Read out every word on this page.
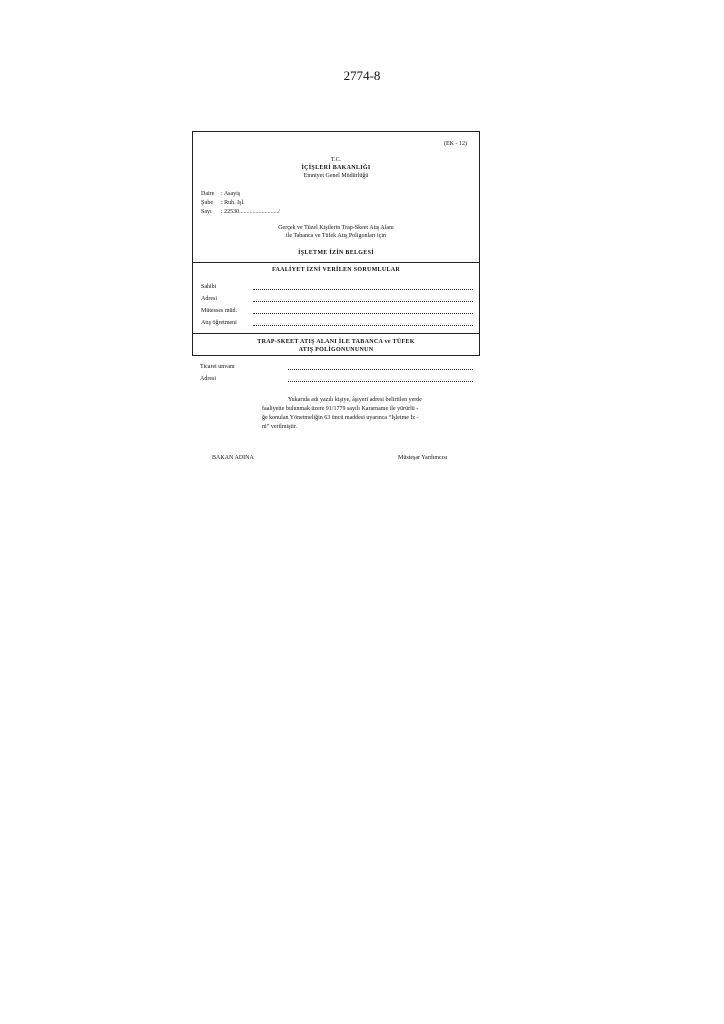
2774-8
(EK - 12)
T.C.
İÇİŞLERİ BAKANLIĞI
Emniyet Genel Müdürlüğü
Daire : Asayiş
Şube : Ruh. Işl.
Sayı : 22530........................../
Gerçek ve Tüzel Kişilerin Trap-Skeet Atış Alanı
ile Tabanca ve Tüfek Atış Poligonları için
İŞLETME İZİN BELGESİ
FAALİYET İZNİ VERİLEN SORUMLULAR
Sahibi
Adresi
Mütesses müd.
Atış öğretmeni
TRAP-SKEET ATIŞ ALANI İLE TABANCA ve TÜFEK
ATIŞ POLİGONUNUNUN
Ticaret unvanı
Adresi
Yukarıda adı yazılı kişiye, âşıyeri adresi belirtilen yerde
faaliyette bulunmak üzere 91/1779 sayılı Kararname ile yürürlü -
ğe konulan Yönetmeliğin 63 üncü maddesi uyarınca “İşletme İz -
ni” verilmiştir.
BAKAN ADINA	Müsteşar Yardımcısı
